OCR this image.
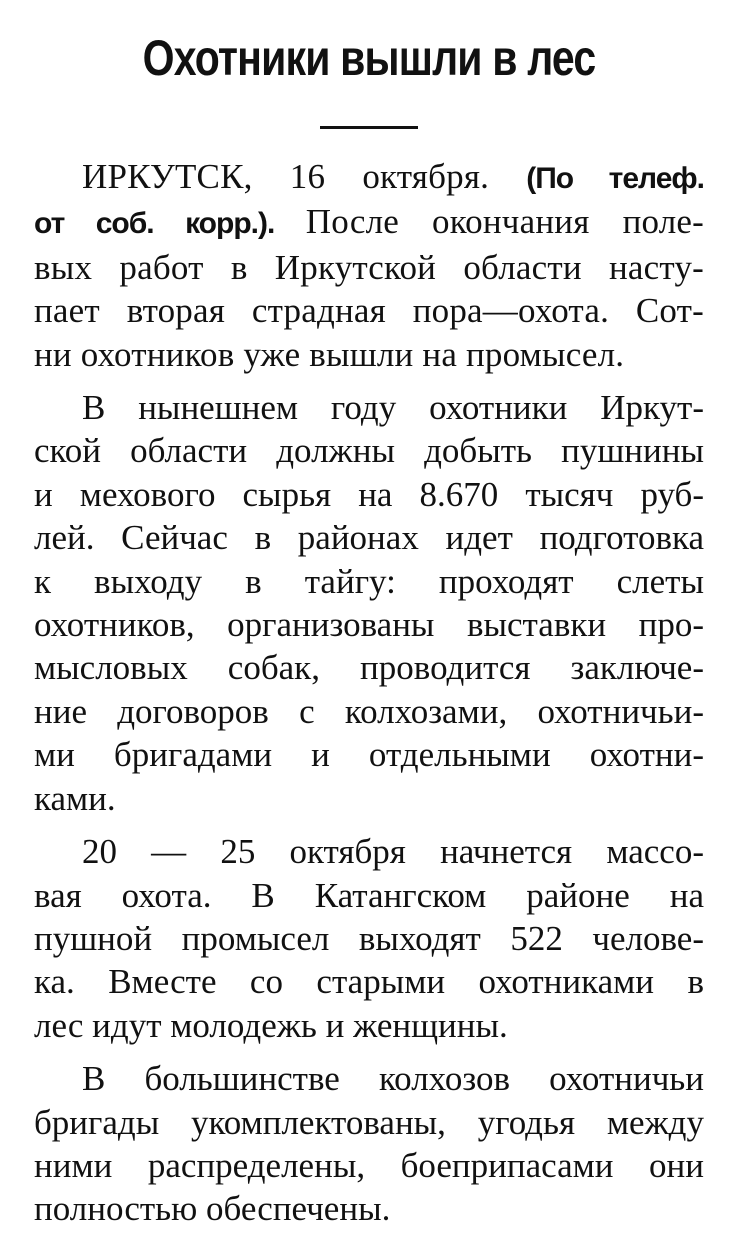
Охотники вышли в лес
ИРКУТСК, 16 октября. (По телеф.
от соб. корр.). После окончания поле-
вых работ в Иркутской области насту-
пает вторая страдная пора—охота. Сот-
ни охотников уже вышли на промысел.
В нынешнем году охотники Иркут-
ской области должны добыть пушнины
и мехового сырья на 8.670 тысяч руб-
лей. Сейчас в районах идет подготовка
к выходу в тайгу: проходят слеты
охотников, организованы выставки про-
мысловых собак, проводится заключе-
ние договоров с колхозами, охотничьи-
ми бригадами и отдельными охотни-
ками.
20 — 25 октября начнется массо-
вая охота. В Катангском районе на
пушной промысел выходят 522 челове-
ка. Вместе со старыми охотниками в
лес идут молодежь и женщины.
В большинстве колхозов охотничьи
бригады укомплектованы, угодья между
ними распределены, боеприпасами они
полностью обеспечены.
